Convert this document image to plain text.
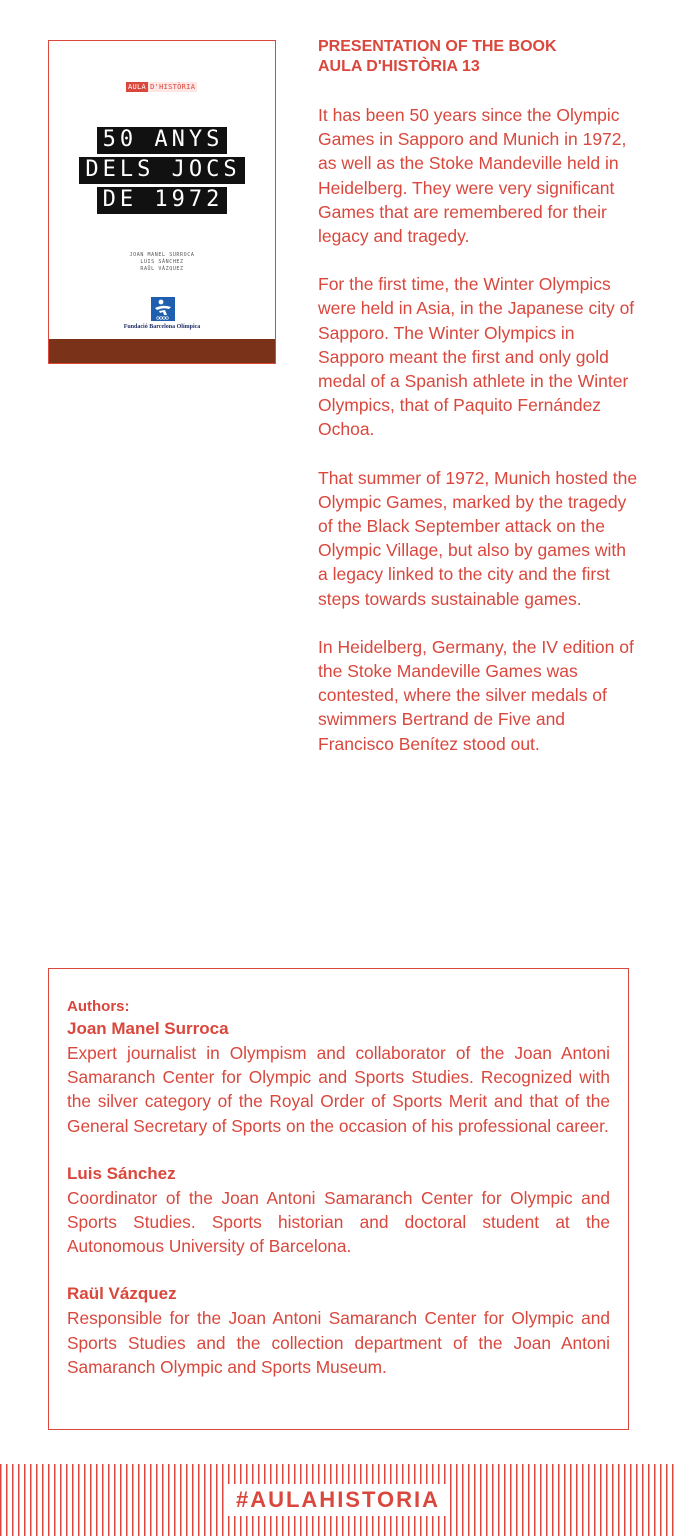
AULA D'HISTÒRIA
50 ANYS
DELS JOCS
DE 1972
JOAN MANEL SURROCA
LUIS SÁNCHEZ
RAÜL VÁZQUEZ
Fundació Barcelona Olímpica
PRESENTATION OF THE BOOK
AULA D'HISTÒRIA 13

It has been 50 years since the Olympic Games in Sapporo and Munich in 1972, as well as the Stoke Mandeville held in Heidelberg. They were very significant Games that are remembered for their legacy and tragedy.

For the first time, the Winter Olympics were held in Asia, in the Japanese city of Sapporo. The Winter Olympics in Sapporo meant the first and only gold medal of a Spanish athlete in the Winter Olympics, that of Paquito Fernández Ochoa.

That summer of 1972, Munich hosted the Olympic Games, marked by the tragedy of the Black September attack on the Olympic Village, but also by games with a legacy linked to the city and the first steps towards sustainable games.

In Heidelberg, Germany, the IV edition of the Stoke Mandeville Games was contested, where the silver medals of swimmers Bertrand de Five and Francisco Benítez stood out.

Authors:
Joan Manel Surroca
Expert journalist in Olympism and collaborator of the Joan Antoni Samaranch Center for Olympic and Sports Studies. Recognized with the silver category of the Royal Order of Sports Merit and that of the General Secretary of Sports on the occasion of his professional career.
Luis Sánchez
Coordinator of the Joan Antoni Samaranch Center for Olympic and Sports Studies. Sports historian and doctoral student at the Autonomous University of Barcelona.
Raül Vázquez
Responsible for the Joan Antoni Samaranch Center for Olympic and Sports Studies and the collection department of the Joan Antoni Samaranch Olympic and Sports Museum.
#AULAHISTORIA
